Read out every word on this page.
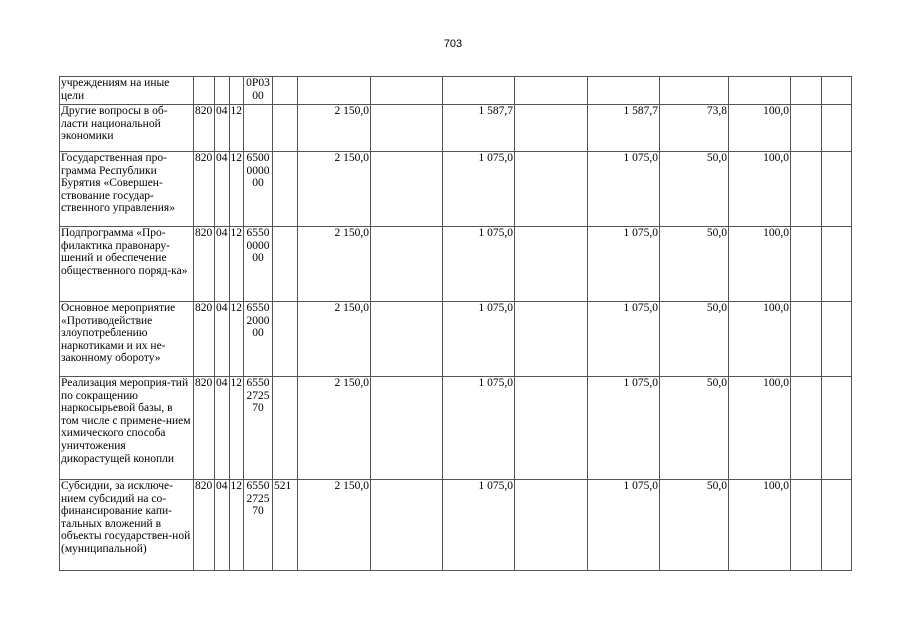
703
учреждениям на иные цели				0Р03 00										
Другие вопросы в об-ласти национальной экономики	820	04	12			2 150,0		1 587,7		1 587,7	73,8	100,0		
Государственная про-грамма Республики Бурятия «Совершен-ствование государ-ственного управления»	820	04	12	6500 0000 00		2 150,0		1 075,0		1 075,0	50,0	100,0		
Подпрограмма «Про-филактика правонару-шений и обеспечение общественного поряд-ка»	820	04	12	6550 0000 00		2 150,0		1 075,0		1 075,0	50,0	100,0		
Основное мероприятие «Противодействие злоупотреблению наркотиками и их не-законному обороту»	820	04	12	6550 2000 00		2 150,0		1 075,0		1 075,0	50,0	100,0		
Реализация мероприя-тий по сокращению наркосырьевой базы, в том числе с примене-нием химического способа уничтожения дикорастущей конопли	820	04	12	6550 2725 70		2 150,0		1 075,0		1 075,0	50,0	100,0		
Субсидии, за исключе-нием субсидий на со-финансирование капи-тальных вложений в объекты государствен-ной (муниципальной)	820	04	12	6550 2725 70	521	2 150,0		1 075,0		1 075,0	50,0	100,0		
